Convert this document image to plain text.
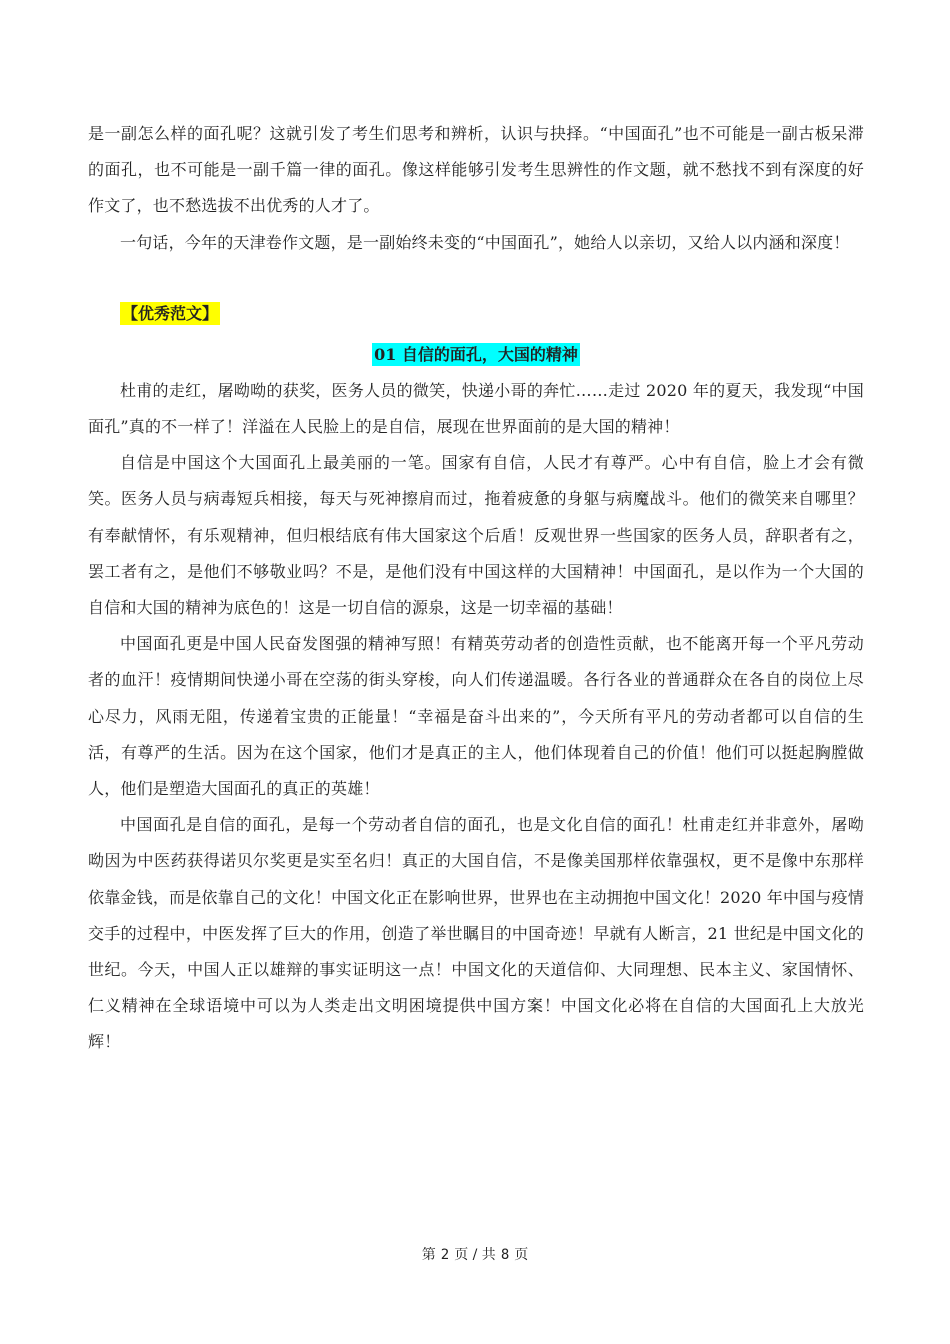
是一副怎么样的面孔呢？这就引发了考生们思考和辨析，认识与抉择。“中国面孔”也不可能是一副古板呆滞的面孔，也不可能是一副千篇一律的面孔。像这样能够引发考生思辨性的作文题，就不愁找不到有深度的好作文了，也不愁选拔不出优秀的人才了。

一句话，今年的天津卷作文题，是一副始终未变的“中国面孔”，她给人以亲切，又给人以内涵和深度！

【优秀范文】
01 自信的面孔，大国的精神

杜甫的走红，屠呦呦的获奖，医务人员的微笑，快递小哥的奔忙……走过 2020 年的夏天，我发现“中国面孔”真的不一样了！洋溢在人民脸上的是自信，展现在世界面前的是大国的精神！

自信是中国这个大国面孔上最美丽的一笔。国家有自信，人民才有尊严。心中有自信，脸上才会有微笑。医务人员与病毒短兵相接，每天与死神擦肩而过，拖着疲惫的身躯与病魔战斗。他们的微笑来自哪里？有奉献情怀，有乐观精神，但归根结底有伟大国家这个后盾！反观世界一些国家的医务人员，辞职者有之，罢工者有之，是他们不够敬业吗？不是，是他们没有中国这样的大国精神！中国面孔，是以作为一个大国的自信和大国的精神为底色的！这是一切自信的源泉，这是一切幸福的基础！

中国面孔更是中国人民奋发图强的精神写照！有精英劳动者的创造性贡献，也不能离开每一个平凡劳动者的血汗！疫情期间快递小哥在空荡的街头穿梭，向人们传递温暖。各行各业的普通群众在各自的岗位上尽心尽力，风雨无阻，传递着宝贵的正能量！“幸福是奋斗出来的”，今天所有平凡的劳动者都可以自信的生活，有尊严的生活。因为在这个国家，他们才是真正的主人，他们体现着自己的价值！他们可以挺起胸膛做人，他们是塑造大国面孔的真正的英雄！

中国面孔是自信的面孔，是每一个劳动者自信的面孔，也是文化自信的面孔！杜甫走红并非意外，屠呦呦因为中医药获得诺贝尔奖更是实至名归！真正的大国自信，不是像美国那样依靠强权，更不是像中东那样依靠金钱，而是依靠自己的文化！中国文化正在影响世界，世界也在主动拥抱中国文化！2020 年中国与疫情交手的过程中，中医发挥了巨大的作用，创造了举世瞩目的中国奇迹！早就有人断言，21 世纪是中国文化的世纪。今天，中国人正以雄辩的事实证明这一点！中国文化的天道信仰、大同理想、民本主义、家国情怀、仁义精神在全球语境中可以为人类走出文明困境提供中国方案！中国文化必将在自信的大国面孔上大放光辉！

第 2 页 / 共 8 页
